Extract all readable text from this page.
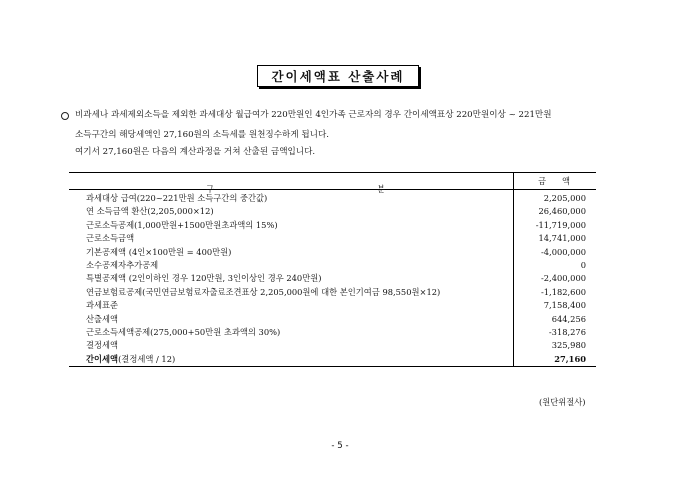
간이세액표 산출사례
비과세나 과세제외소득을 제외한 과세대상 월급여가 220만원인 4인가족 근로자의 경우 간이세액표상 220만원이상 ~ 221만원
소득구간의 해당세액인 27,160원의 소득세를 원천징수하게 됩니다.
여기서 27,160원은 다음의 계산과정을 거쳐 산출된 금액입니다.
구 분	금액
과세대상 급여(220~221만원 소득구간의 중간값)	2,205,000
연 소득금액 환산(2,205,000×12)	26,460,000
근로소득공제(1,000만원+1500만원초과액의 15%)	-11,719,000
근로소득금액	14,741,000
기본공제액 (4인×100만원 = 400만원)	-4,000,000
소수공제자추가공제	0
특별공제액 (2인이하인 경우 120만원, 3인이상인 경우 240만원)	-2,400,000
연금보험료공제(국민연금보험료자출료조견표상 2,205,000원에 대한 본인기여금 98,550원×12)	-1,182,600
과세표준	7,158,400
산출세액	644,256
근로소득세액공제(275,000+50만원 초과액의 30%)	-318,276
결정세액	325,980
간이세액(결정세액 / 12)	27,160
(원단위절사)
- 5 -
